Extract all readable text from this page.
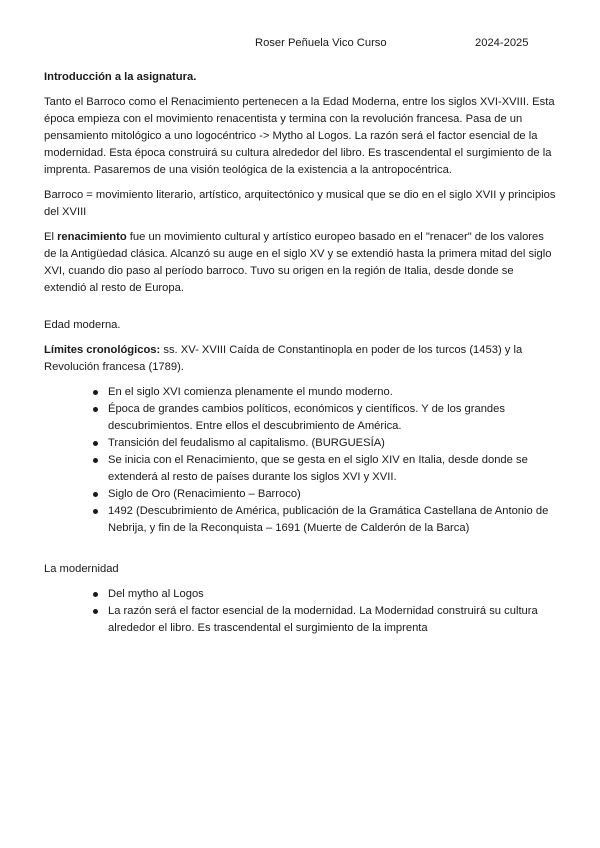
Roser Peñuela Vico Curso	2024-2025
Introducción a la asignatura.

Tanto el Barroco como el Renacimiento pertenecen a la Edad Moderna, entre los siglos XVI-XVIII. Esta época empieza con el movimiento renacentista y termina con la revolución francesa. Pasa de un pensamiento mitológico a uno logocéntrico -> Mytho al Logos. La razón será el factor esencial de la modernidad. Esta época construirá su cultura alrededor del libro. Es trascendental el surgimiento de la imprenta. Pasaremos de una visión teológica de la existencia a la antropocéntrica.

Barroco = movimiento literario, artístico, arquitectónico y musical que se dio en el siglo XVII y principios del XVIII

El renacimiento fue un movimiento cultural y artístico europeo basado en el "renacer" de los valores de la Antigüedad clásica. Alcanzó su auge en el siglo XV y se extendió hasta la primera mitad del siglo XVI, cuando dio paso al período barroco. Tuvo su origen en la región de Italia, desde donde se extendió al resto de Europa.

Edad moderna.

Límites cronológicos: ss. XV- XVIII Caída de Constantinopla en poder de los turcos (1453) y la Revolución francesa (1789).

En el siglo XVI comienza plenamente el mundo moderno.
Época de grandes cambios políticos, económicos y científicos. Y de los grandes descubrimientos. Entre ellos el descubrimiento de América.
Transición del feudalismo al capitalismo. (BURGUESÍA)
Se inicia con el Renacimiento, que se gesta en el siglo XIV en Italia, desde donde se extenderá al resto de países durante los siglos XVI y XVII.
Siglo de Oro (Renacimiento – Barroco)
1492 (Descubrimiento de América, publicación de la Gramática Castellana de Antonio de Nebrija, y fin de la Reconquista – 1691 (Muerte de Calderón de la Barca)
La modernidad
Del mytho al Logos
La razón será el factor esencial de la modernidad. La Modernidad construirá su cultura alrededor el libro. Es trascendental el surgimiento de la imprenta
